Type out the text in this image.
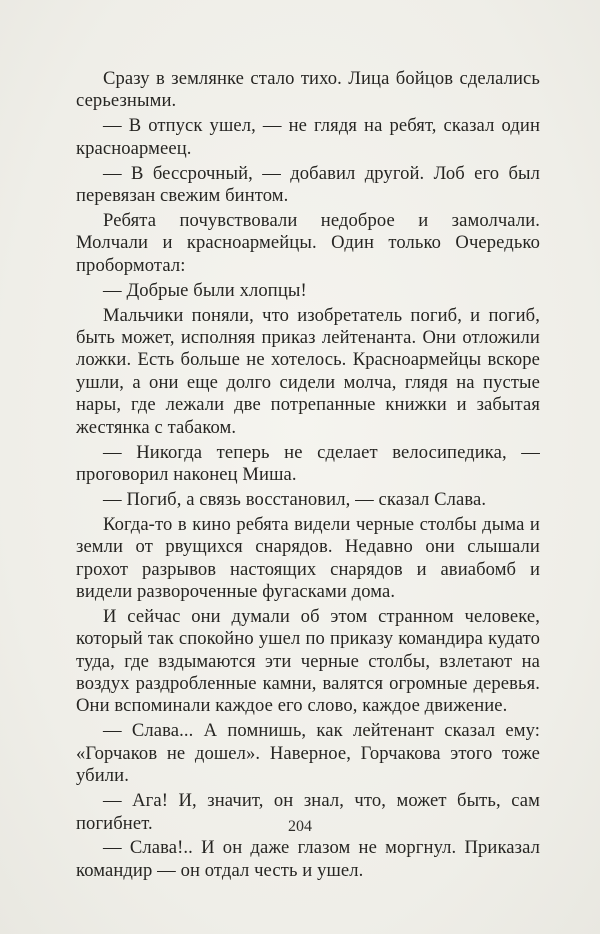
Сразу в землянке стало тихо. Лица бойцов сделались серьезными.

— В отпуск ушел, — не глядя на ребят, сказал один красноармеец.

— В бессрочный, — добавил другой. Лоб его был перевязан свежим бинтом.

Ребята почувствовали недоброе и замолчали. Молчали и красноармейцы. Один только Очередько пробормотал:

— Добрые были хлопцы!

Мальчики поняли, что изобретатель погиб, и погиб, быть может, исполняя приказ лейтенанта. Они отложили ложки. Есть больше не хотелось. Красноармейцы вскоре ушли, а они еще долго сидели молча, глядя на пустые нары, где лежали две потрепанные книжки и забытая жестянка с табаком.

— Никогда теперь не сделает велосипедика, — проговорил наконец Миша.

— Погиб, а связь восстановил, — сказал Слава.

Когда-то в кино ребята видели черные столбы дыма и земли от рвущихся снарядов. Недавно они слышали грохот разрывов настоящих снарядов и авиабомб и видели развороченные фугасками дома.

И сейчас они думали об этом странном человеке, который так спокойно ушел по приказу командира кудато туда, где вздымаются эти черные столбы, взлетают на воздух раздробленные камни, валятся огромные деревья. Они вспоминали каждое его слово, каждое движение.

— Слава... А помнишь, как лейтенант сказал ему: «Горчаков не дошел». Наверное, Горчакова этого тоже убили.

— Ага! И, значит, он знал, что, может быть, сам погибнет.

— Слава!.. И он даже глазом не моргнул. Приказал командир — он отдал честь и ушел.

204
